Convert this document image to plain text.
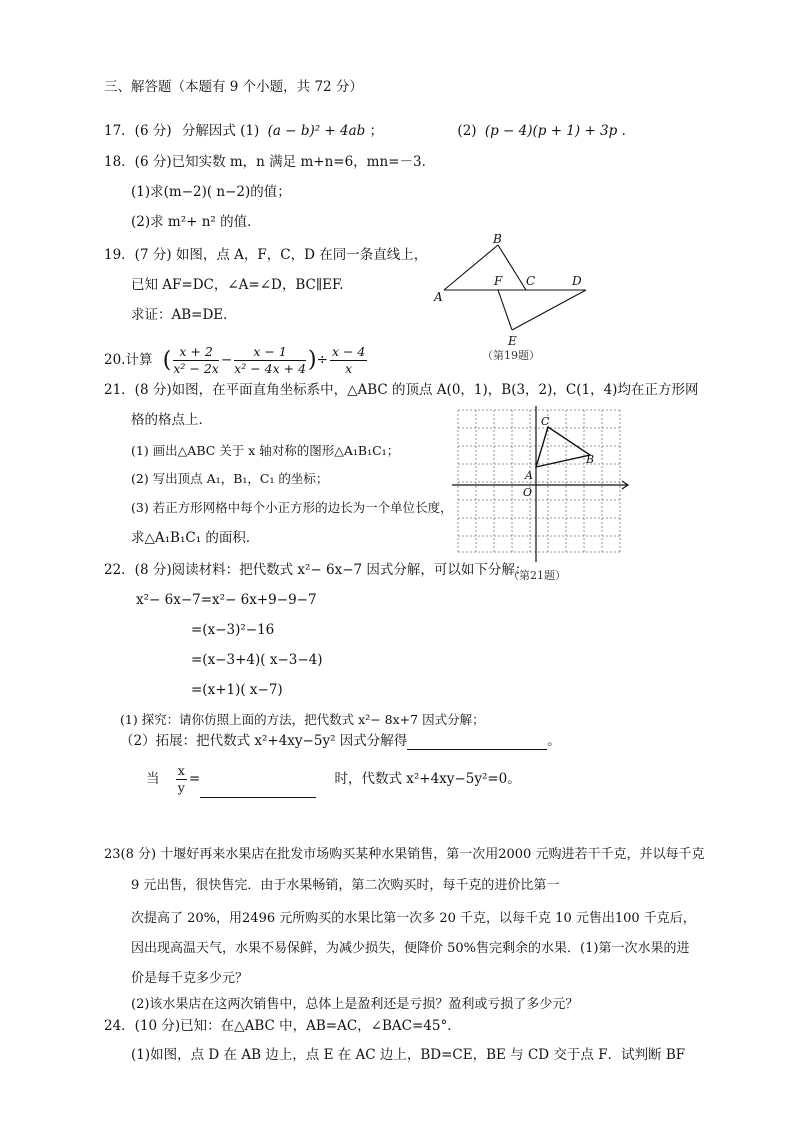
三、解答题（本题有 9 个小题，共 72 分）
17．(6 分) 分解因式 (1) (a − b)² + 4ab ；	(2) (p − 4)(p + 1) + 3p ．
18．(6 分)已知实数 m，n 满足 m+n=6，mn=－3．
(1)求(m−2)( n−2)的值；
(2)求 m²+ n² 的值．
19．(7 分) 如图，点 A，F，C，D 在同一条直线上，
已知 AF=DC，∠A=∠D，BC∥EF.
求证：AB=DE．
B
A
F C	D
E
（第19题）
20.计算 ( $\frac{x + 2}{\text{x² − 2x}} - \frac{x - 1}{\text{x² − 4x + 4}}$ )÷ $\frac{x - 4}{x}$
21．(8 分)如图，在平面直角坐标系中，△ABC 的顶点 A(0，1)，B(3，2)，C(1，4)均在正方形网
格的格点上．
(1) 画出△ABC 关于 x 轴对称的图形△A₁B₁C₁；
(2) 写出顶点 A₁，B₁，C₁ 的坐标；
(3) 若正方形网格中每个小正方形的边长为一个单位长度，
求△A₁B₁C₁ 的面积．
C
B
A
O
（第21题）
22．(8 分)阅读材料：把代数式 x²− 6x−7 因式分解，可以如下分解：
x²− 6x−7=x²− 6x+9−9−7
=(x−3)²−16
=(x−3+4)( x−3−4)
=(x+1)( x−7)
(1) 探究：请你仿照上面的方法，把代数式 x²− 8x+7 因式分解；
（2）拓展：把代数式 x²+4xy−5y² 因式分解得	。
当 $\frac{x}{y}$ =	时，代数式 x²+4xy−5y²=0。
23(8 分) 十堰好再来水果店在批发市场购买某种水果销售，第一次用2000 元购进若干千克，并以每千克
9 元出售，很快售完．由于水果畅销，第二次购买时，每千克的进价比第一
次提高了 20%，用2496 元所购买的水果比第一次多 20 千克，以每千克 10 元售出100 千克后，
因出现高温天气，水果不易保鲜，为减少损失，便降价 50%售完剩余的水果．(1)第一次水果的进
价是每千克多少元？
(2)该水果店在这两次销售中，总体上是盈利还是亏损？盈利或亏损了多少元？
24．(10 分)已知：在△ABC 中，AB=AC，∠BAC=45°．
(1)如图，点 D 在 AB 边上，点 E 在 AC 边上，BD=CE，BE 与 CD 交于点 F．试判断 BF
